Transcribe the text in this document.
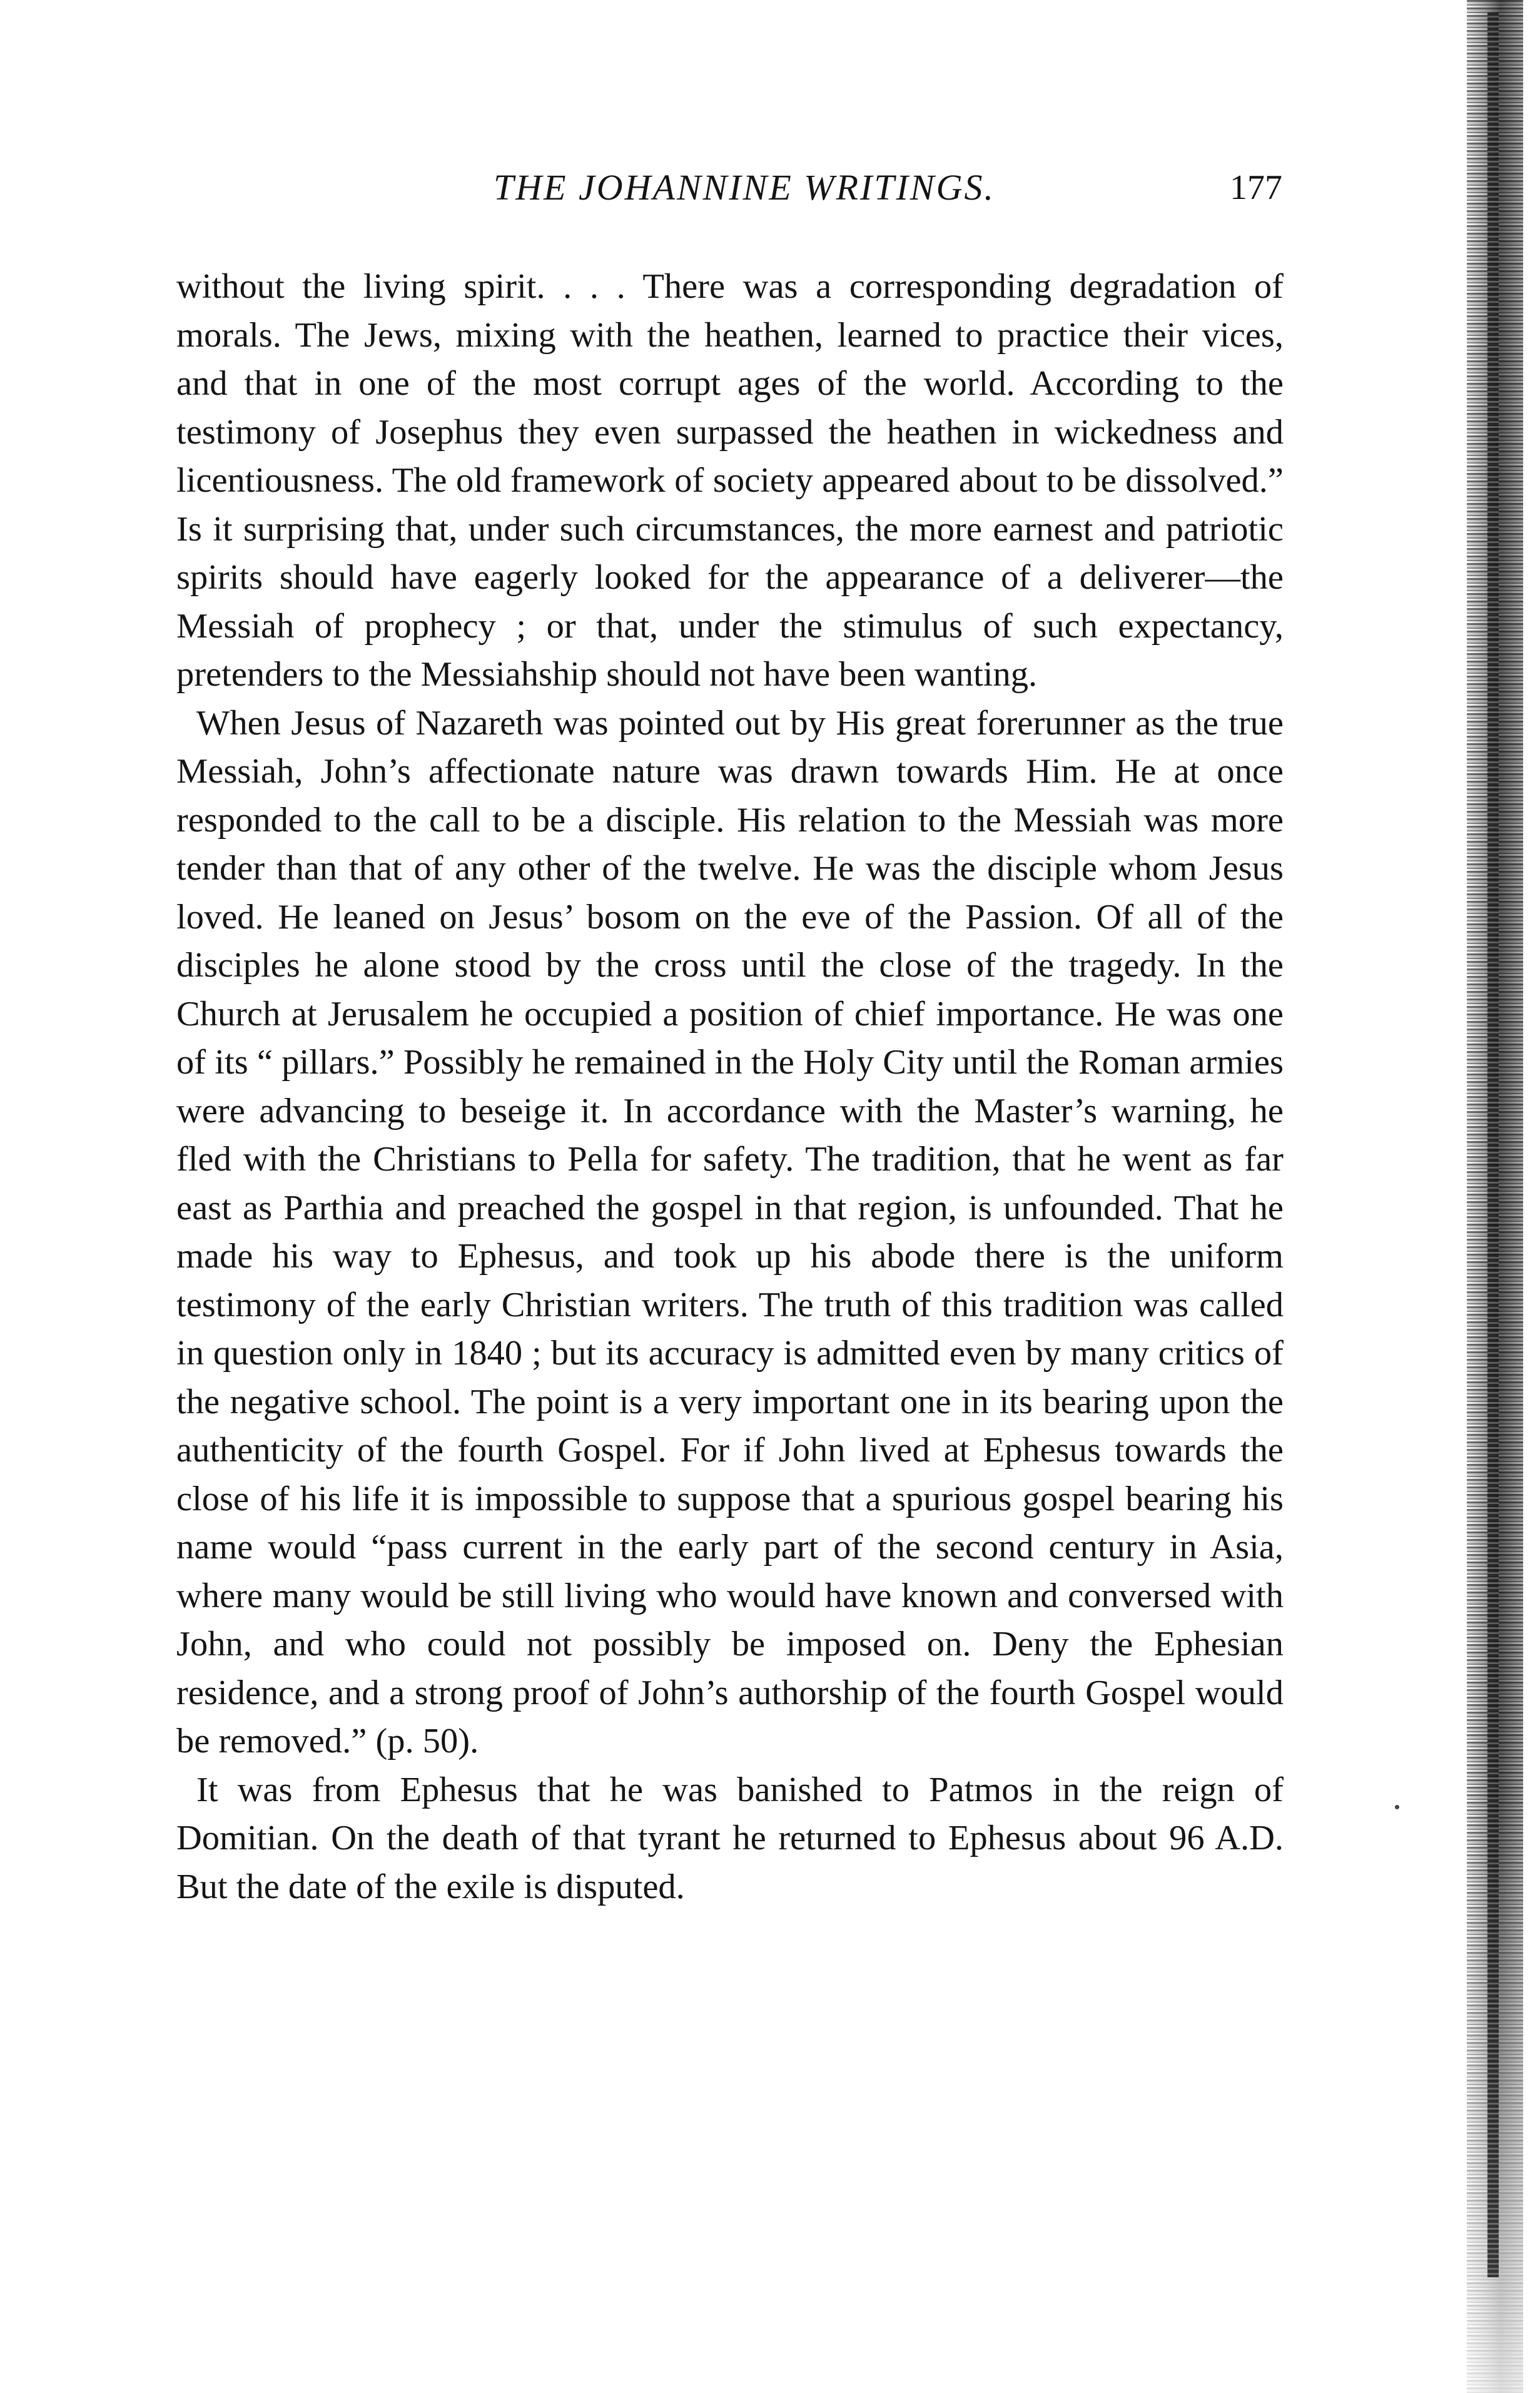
THE JOHANNINE WRITINGS.	177

without the living spirit. . . . There was a corresponding degradation of morals. The Jews, mixing with the heathen, learned to practice their vices, and that in one of the most corrupt ages of the world. According to the testimony of Josephus they even surpassed the heathen in wickedness and licentiousness. The old framework of society appeared about to be dissolved.” Is it surprising that, under such circumstances, the more earnest and patriotic spirits should have eagerly looked for the appearance of a deliverer—the Messiah of prophecy ; or that, under the stimulus of such expectancy, pretenders to the Messiahship should not have been wanting.

When Jesus of Nazareth was pointed out by His great forerunner as the true Messiah, John’s affectionate nature was drawn towards Him. He at once responded to the call to be a disciple. His relation to the Messiah was more tender than that of any other of the twelve. He was the disciple whom Jesus loved. He leaned on Jesus’ bosom on the eve of the Passion. Of all of the disciples he alone stood by the cross until the close of the tragedy. In the Church at Jerusalem he occupied a position of chief importance. He was one of its “ pillars.” Possibly he remained in the Holy City until the Roman armies were advancing to beseige it. In accordance with the Master’s warning, he fled with the Christians to Pella for safety. The tradition, that he went as far east as Parthia and preached the gospel in that region, is unfounded. That he made his way to Ephesus, and took up his abode there is the uniform testimony of the early Christian writers. The truth of this tradition was called in question only in 1840 ; but its accuracy is admitted even by many critics of the negative school. The point is a very important one in its bearing upon the authenticity of the fourth Gospel. For if John lived at Ephesus towards the close of his life it is impossible to suppose that a spurious gospel bearing his name would “pass current in the early part of the second century in Asia, where many would be still living who would have known and conversed with John, and who could not possibly be imposed on. Deny the Ephesian residence, and a strong proof of John’s authorship of the fourth Gospel would be removed.” (p. 50).

It was from Ephesus that he was banished to Patmos in the reign of Domitian. On the death of that tyrant he returned to Ephesus about 96 A.D. But the date of the exile is disputed.
